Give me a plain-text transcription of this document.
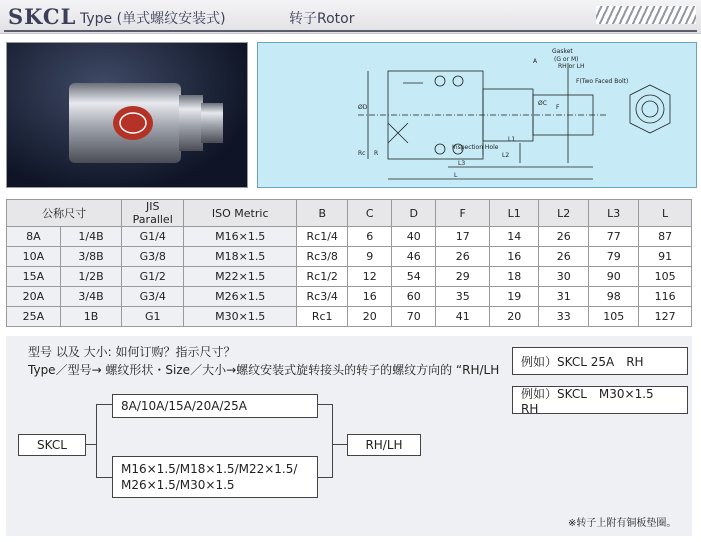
SKCL Type (单式螺纹安装式)	转子Rotor
Gasket
(G or M)
RH or LH
A
Inspection Hole
ØD
ØC
F
F(Two Faced Bolt)
L1
L2
L3
L
R
Rc
公称尺寸		JIS Parallel	ISO Metric	B	C	D	F	L1	L2	L3	L
8A	1/4B	G1/4	M16×1.5	Rc1/4	6	40	17	14	26	77	87
10A	3/8B	G3/8	M18×1.5	Rc3/8	9	46	26	16	26	79	91
15A	1/2B	G1/2	M22×1.5	Rc1/2	12	54	29	18	30	90	105
20A	3/4B	G3/4	M26×1.5	Rc3/4	16	60	35	19	31	98	116
25A	1B	G1	M30×1.5	Rc1	20	70	41	20	33	105	127
型号 以及 大小: 如何订购？指示尺寸？
Type／型号→ 螺纹形状・Size／大小→螺纹安装式旋转接头的转子的螺纹方向的 “RH/LH
例如）SKCL 25A　RH
例如）SKCL　M30×1.5　RH
SKCL
8A/10A/15A/20A/25A
M16×1.5/M18×1.5/M22×1.5/
M26×1.5/M30×1.5
RH/LH
※转子上附有铜板垫圈。
